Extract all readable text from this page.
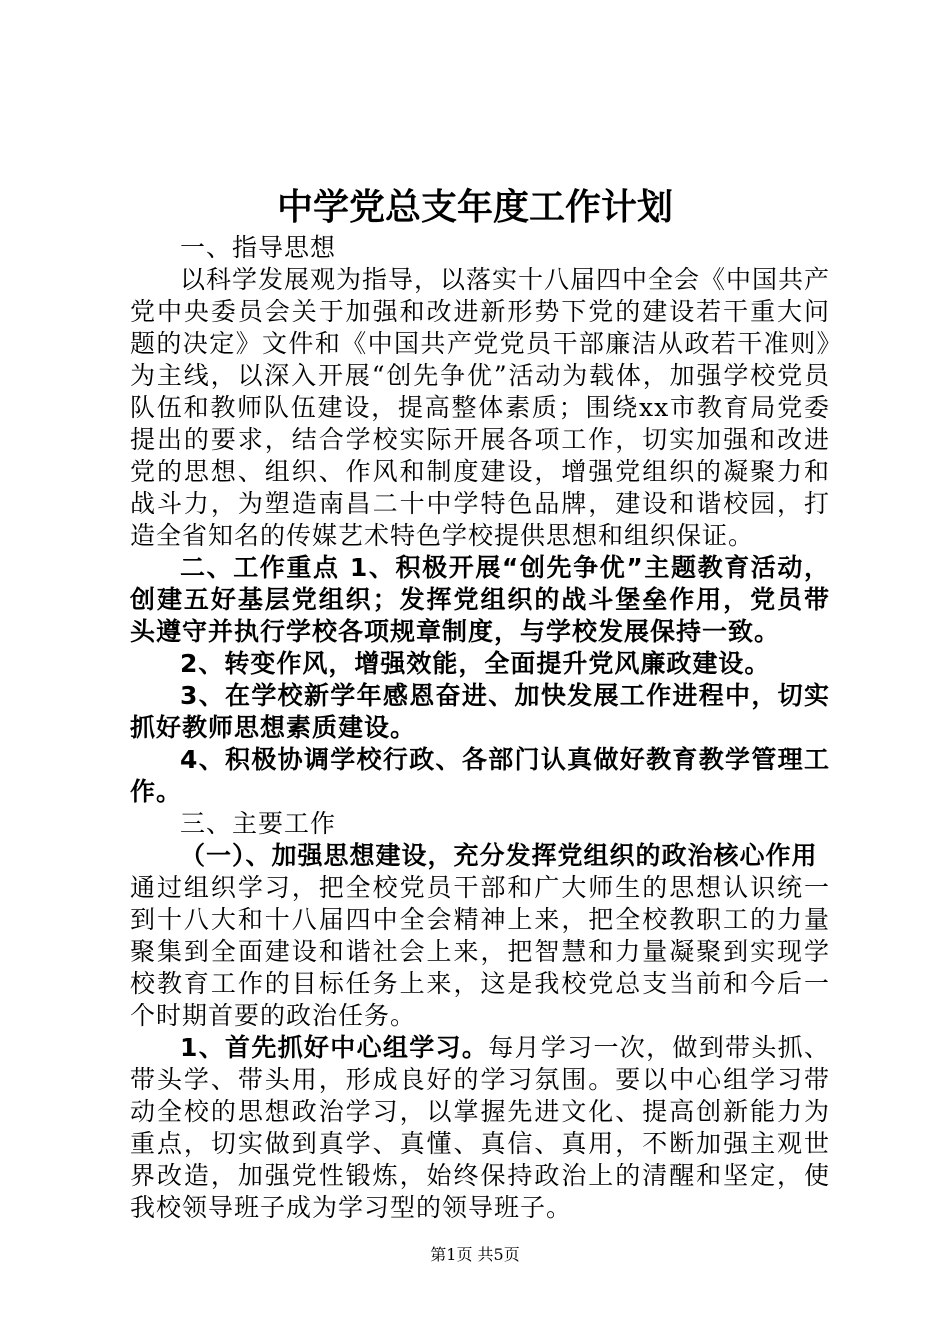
中学党总支年度工作计划

一、指导思想

以科学发展观为指导，以落实十八届四中全会《中国共产党中央委员会关于加强和改进新形势下党的建设若干重大问题的决定》文件和《中国共产党党员干部廉洁从政若干准则》为主线，以深入开展“创先争优”活动为载体，加强学校党员队伍和教师队伍建设，提高整体素质；围绕xx市教育局党委提出的要求，结合学校实际开展各项工作，切实加强和改进党的思想、组织、作风和制度建设，增强党组织的凝聚力和战斗力，为塑造南昌二十中学特色品牌，建设和谐校园，打造全省知名的传媒艺术特色学校提供思想和组织保证。

二、工作重点 1、积极开展“创先争优”主题教育活动，创建五好基层党组织；发挥党组织的战斗堡垒作用，党员带头遵守并执行学校各项规章制度，与学校发展保持一致。

2、转变作风，增强效能，全面提升党风廉政建设。

3、在学校新学年感恩奋进、加快发展工作进程中，切实抓好教师思想素质建设。

4、积极协调学校行政、各部门认真做好教育教学管理工作。

三、主要工作

（一）、加强思想建设，充分发挥党组织的政治核心作用

通过组织学习，把全校党员干部和广大师生的思想认识统一到十八大和十八届四中全会精神上来，把全校教职工的力量聚集到全面建设和谐社会上来，把智慧和力量凝聚到实现学校教育工作的目标任务上来，这是我校党总支当前和今后一个时期首要的政治任务。

1、首先抓好中心组学习。每月学习一次，做到带头抓、带头学、带头用，形成良好的学习氛围。要以中心组学习带动全校的思想政治学习，以掌握先进文化、提高创新能力为重点，切实做到真学、真懂、真信、真用，不断加强主观世界改造，加强党性锻炼，始终保持政治上的清醒和坚定，使我校领导班子成为学习型的领导班子。

第1页 共5页
